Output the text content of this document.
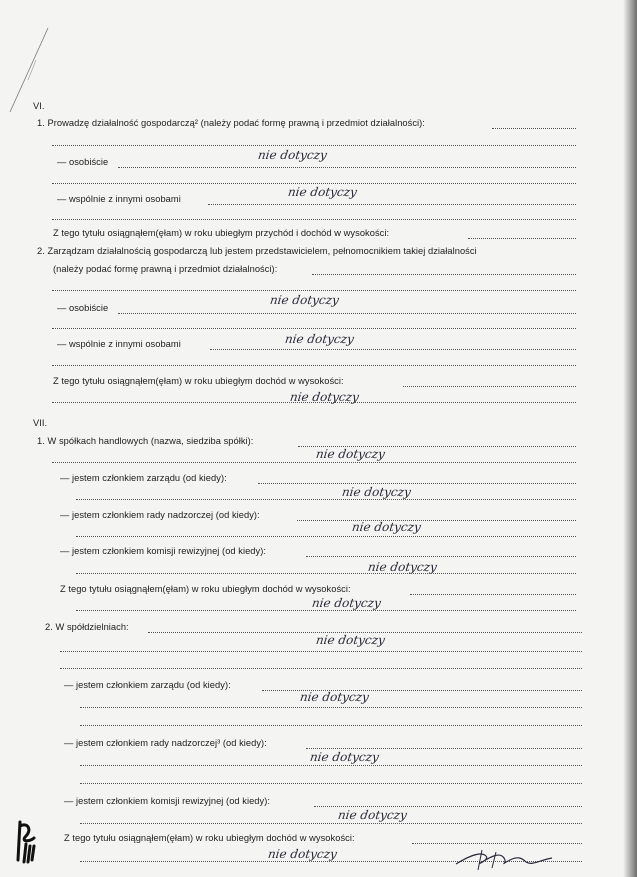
VI.
1. Prowadzę działalność gospodarczą² (należy podać formę prawną i przedmiot działalności):
— osobiście	nie dotyczy
— wspólnie z innymi osobami	nie dotyczy
Z tego tytułu osiągnąłem(ęłam) w roku ubiegłym przychód i dochód w wysokości:
2. Zarządzam działalnością gospodarczą lub jestem przedstawicielem, pełnomocnikiem takiej działalności
(należy podać formę prawną i przedmiot działalności):
— osobiście
nie dotyczy
— wspólnie z innymi osobami	nie dotyczy
Z tego tytułu osiągnąłem(ęłam) w roku ubiegłym dochód w wysokości:
nie dotyczy
VII.
1. W spółkach handlowych (nazwa, siedziba spółki):
nie dotyczy
— jestem członkiem zarządu (od kiedy):
nie dotyczy
— jestem członkiem rady nadzorczej (od kiedy):
nie dotyczy
— jestem członkiem komisji rewizyjnej (od kiedy):
nie dotyczy
Z tego tytułu osiągnąłem(ęłam) w roku ubiegłym dochód w wysokości:
nie dotyczy
2. W spółdzielniach:
nie dotyczy
— jestem członkiem zarządu (od kiedy):
nie dotyczy
— jestem członkiem rady nadzorczej³ (od kiedy):
nie dotyczy
— jestem członkiem komisji rewizyjnej (od kiedy):
nie dotyczy
Z tego tytułu osiągnąłem(ęłam) w roku ubiegłym dochód w wysokości:
nie dotyczy
